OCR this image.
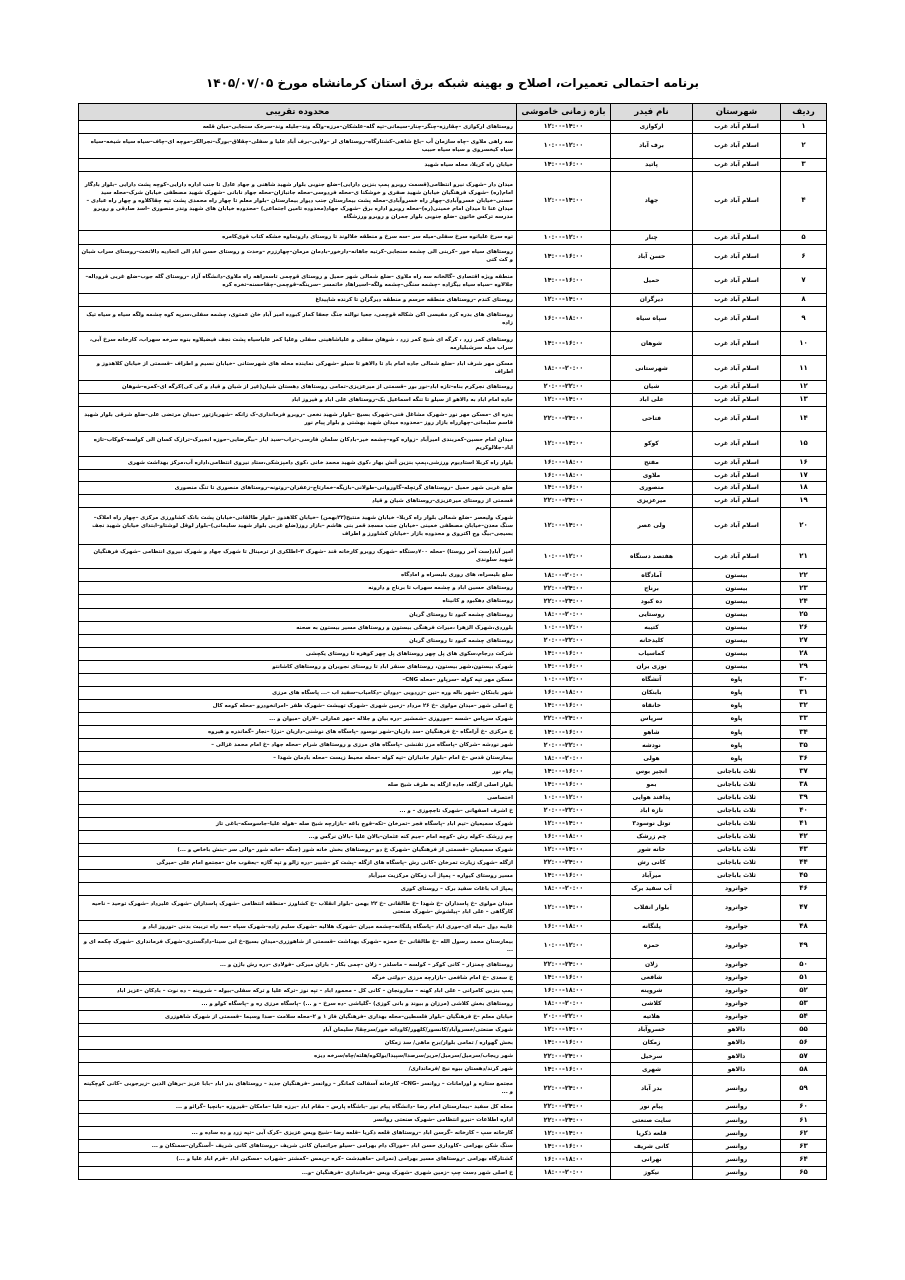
برنامه احتمالی تعمیرات، اصلاح و بهینه شبکه برق استان کرمانشاه مورخ ۱۴۰۵/۰۷/۰۵
ردیف	شهرستان	نام فیدر	بازه زمانی خاموشی	محدوده تقریبی
۱	اسلام آباد غرب	ارکوازی	۱۲:۰۰-۱۴:۰۰	روستاهای ارکوازی –چقارزه–چنگر–چنار–سیمانی–تپه گله–علشکان–مرزه–ولگه وند–جلیله وند–سرخک سنجابی–میان قلعه
۲	اسلام آباد غرب	برف آباد	۱۰:۰۰-۱۲:۰۰	سه راهی ملاوی –چاه سازمان آب –باغ شاهی–کشتارگاه–روستاهای لر –ولایی–برف آباد علیا و سفلی–چقلاق–بورگ–نجرالکر–موچه ای–چاف–سیاه سیاه شیخه–سیاه سیاه کیخسروی و سیاه سیاه حبیب
۳	اسلام آباد غرب	پاتید	۱۴:۰۰-۱۶:۰۰	خیابان راه کربلا، محله سیاه شهید
۴	اسلام آباد غرب	جهاد	۱۲:۰۰-۱۴:۰۰	میدان دار –شهرک نیرو انتظامی(قسمت روبرو پمپ بنزین دارایی)–ضلع جنوبی بلوار شهید شاهنی و جهاد عادل تا جنب اداره دارایی–کوچه پشت دارایی –بلوار بادگار امام(ره) –شهرک فرهنگیان خیابان شهید صفری و خوشکنا ی–محله فردوسی–محله جانبازان–محله جهاد نابانی –شهرک شهید مصطفی خیابان شرک–محله سید حسنی–خیابان خسروآبادی–چهار راه خسروآبادی–محله پشت بیمارستان جنب دیوار بیمارستان –بلوار معلم تا چهار راه محمدی پشت تپه چقاکلاوه و چهار راه عبادی –میدان عنا تا میدان امام خمینی(ره)–محله روبرو اداره برق –شهرک جهاد(محدوده تامین اجتماعی) –محدوده خیابان های شهید وندر منصوری –اسد صادقی و روبرو مدرسه ترکس خاتون –ضلع جنوبی بلوار جمران و روبرو ورزشگاه
۵	اسلام آباد غرب	چنار	۱۰:۰۰-۱۲:۰۰	توه سرخ علیاتوه سرخ سفلی–میله سر –سه سرخ و منطقه خلالوند تا روستای داروتماوه خشکه کتاب قوی‌کامره
۶	اسلام آباد غرب	حسن آباد	۱۴:۰۰-۱۶:۰۰	روستاهای سیاه خور –کربنی الی چشمه سنجابی–کرتیه جاهانه–دارخور–بادمان مرمان–چهارزرم –وحدت و روستای حسن اباد الی اتحادیه دالاتخت–روستای سراب شبان و کت کتی
۷	اسلام آباد غرب	حمیل	۱۴:۰۰-۱۶:۰۰	منطقه ویژه اقتصادی –گالخانه سه راه ملاوی –ضلع شمالی شهر حمیل و روستای قوچمی تاسه‌راهه راه ملاوی–دانشگاه آزاد –روستای گله جوب–ضلع غربی قروداله–جلالاوه –سیاه سیاه بیگزاده –چشمه سنگی–چشمه ولگه–اسیراهاد خاتمسر –سرینگه–قوچمی–چقاحسنه–تخره کره
۸	اسلام آباد غرب	دیرگران	۱۲:۰۰-۱۴:۰۰	روستای کندم –روستاهای منطقه حرسم و منطقه دیرگران تا کرنده شاپیداغ
۹	اسلام آباد غرب	سپاه سیاه	۱۶:۰۰-۱۸:۰۰	روستاهای های بدره کرد مفیسی اکن شکاله قوچمی، جعیا نوالنه جنگ جعفا کمار کبوده امیر آباد خان عمتوی، چشمه سفلی،سرپه کوه چشمه ولگه سیاه و سیاه تیک زاده
۱۰	اسلام آباد غرب	شوهان	۱۴:۰۰-۱۶:۰۰	روستاهای کمر زرد ، کرگه ای شیخ کمر زرد ، شوهان سفلی و علیاشاهینی سفلی وعلیا کمر علیاسیاه پشت نجف فیضیلاوه بنوه سرخه سهراب، کارخانه سرخ آبی، سراب میله سرشبلیارمه
۱۱	اسلام آباد غرب	شهرستانی	۱۸:۰۰-۲۰:۰۰	مسکن مهر شرف اباد –ضلع شمالی جاده امام باد تا دالاهو تا سیلو –شهرکی نماینده محله های شهرستانی –خیابان نسیم و اطراف –قسمتی از خیابان کلاهدوز و اطراف
۱۲	اسلام آباد غرب	شیان	۲۰:۰۰-۲۲:۰۰	روستاهای نجرکرم بناه–تازه اباد–نور بور –قسمتی از میرعزیزی–تمامی روستاهای دهستان شیان(غیر از شیان و قیاد و کی کی)کرگه ای–کمره–شوهان
۱۳	اسلام آباد غرب	علی اباد	۱۲:۰۰-۱۴:۰۰	جاده امام اباد به دالاهو از سیلو تا تنگه اسماعیل بک–روستاهای علی اباد و فیروز اباد
۱۴	اسلام آباد غرب	فتاحی	۲۲:۰۰-۲۴:۰۰	بدره ای –مسکن مهر نور –شهرک مشاغل فنی–شهرک بسیج –بلوار شهید نخعی –روبرو فرمانداری–ک زانکه –شهربازتور –میدان مرتضی علی–ضلع شرقی بلوار شهید قاسم سلیمانی–چهارراه بازار روز –محدوده میدان شهید بهشتی و بلوار پیام نور
۱۵	اسلام آباد غرب	کوکو	۱۲:۰۰-۱۴:۰۰	میدان امام حسین–کمربندی امیرآباد –زواره کوه–چشمه خیر–بادکان سلمان فارسی–تراب–سید ایاز –بیگرضایی–حوزه انجیرک–ترازک کسان الی کولسه–کوکاب–تازه اباد–جلالوکریم
۱۶	اسلام آباد غرب	مفتح	۱۶:۰۰-۱۸:۰۰	بلوار راه کربلا استادیوم ورزشی،پمپ بنزین آتش بهار ،کوی شهید محمد خانی ،کوی دامپزشکی،ستاد نیروی انتظامی،اداره آب،مرکز بهداشت شهری
۱۷	اسلام آباد غرب	ملاوی	۱۶:۰۰-۱۸:۰۰	
۱۸	اسلام آباد غرب	منصوری	۱۴:۰۰-۱۶:۰۰	ضلع غربی شهر حمیل –روستاهای گرتچله–گاوروانی–طولانی–بازیگه–خمارتاج–زعفران–روتونه–روستاهای منصوری تا تنگ منصوری
۱۹	اسلام آباد غرب	میرعزیزی	۲۲:۰۰-۲۴:۰۰	قسمتی از روستای میرعزیزی–روستاهای شیان و قیاد
۲۰	اسلام آباد غرب	ولی عصر	۱۲:۰۰-۱۴:۰۰	شهرک ولیعصر –ضلع شمالی بلوار راه کربلا– خیابان شهید منتیخ(۲۲بهمن) –خیابان کلاهدوز –بلوار طالقانی–خیابان پشت بانک کشاورزی مرکزی –چهار راه املاک–سنگ معدن–خیابان مصطفی خمینی –خیابان جنب مسجد قمر بنی هاشم –بازار روز(ضلع غربی بلوار شهید سلیمانی)–بلوار لوقل لوشتاو–ابتدای خیابان شهید نجف بسیجی–بیگ وچ اکتروی و محدوده بازار –خیابان کشاورز و اطراف
۲۱	اسلام آباد غرب	هفتصد دستگاه	۱۰:۰۰-۱۲:۰۰	امیر آباد(ست آخر روستا) –محله ۷۰۰دستگاه –شهرک روبرو کارخانه قند –شهرک ۳–اطلکری از ترمینال تا شهرک جهاد و شهرک نیروی انتظامی –شهرک فرهنگیان شهید سلوندی
۲۲	بیستون	آمادگاه	۱۸:۰۰-۲۰:۰۰	سلع بلیسراه، های روری بلیسراه و امادگاه
۲۳	بیستون	برناج	۲۲:۰۰-۲۴:۰۰	روستاهای حسین اباد و چشمه سهراب تا برناج و دارونه
۲۴	بیستون	ده کبود	۲۲:۰۰-۲۴:۰۰	روستاهای دهکبود و کانیناه
۲۵	بیستون	روستایی	۱۸:۰۰-۲۰:۰۰	روستاهای چشمه کبود تا روستای گربان
۲۶	بیستون	کتیبه	۱۰:۰۰-۱۲:۰۰	بلوردی،شهرک الزهرا ،میراث فرهنگی بیستون و روستاهای مسیر بیستون به صحنه
۲۷	بیستون	کلیدخانه	۲۰:۰۰-۲۲:۰۰	روستاهای چشمه کبود تا روستای گربان
۲۸	بیستون	کماسیاب	۱۴:۰۰-۱۶:۰۰	شرکت درجام،سکوی های پل چهر روستاهای پل چهر کوهره تا روستای یکچشی
۲۹	بیستون	نوزی یران	۱۴:۰۰-۱۶:۰۰	شهرک بیستون،شهر بیستون، روستاهای سنقر اباد تا روستای نجوبران و روستاهای کاشانتو
۳۰	پاوه	آتشگاه	۱۰:۰۰-۱۲:۰۰	مسکن مهر تپه کوله –سرپاور –محله CNG–
۳۱	پاوه	بابنکان	۱۶:۰۰-۱۸:۰۰	شهر بابنکان –شهر باله وره –نین –زردویی –دودان –دکامیاب–سفید اب –... پاسگاه های مرزی
۳۲	پاوه	خانقاه	۱۴:۰۰-۱۶:۰۰	خ اصلی شهر –میدان مولوی –خ ۲۶ مرداد –زمین شهری –شهرک تهیشت –شهرک ظفر –امرانخودرو –محله کومه کال
۳۳	پاوه	سرپاس	۲۲:۰۰-۲۴:۰۰	شهرک سرپاس –شسه –جوروزی –شمشیر –دره بیان و جلاله –مهر عمارلی –لاران –میوان و ...
۳۴	پاوه	شاهو	۱۴:۰۰-۱۶:۰۰	خ مرکزی –خ آرامگاه –خ فرهنگیان –سد داریان–شهر نوسود –پاسگاه های نوشنی–داریان –نرژا –نجار –گماندره و هیروه
۳۵	پاوه	نودشه	۲۰:۰۰-۲۲:۰۰	شهر نودشه –شرکان –پاسگاه مرز تقنشی –پاسگاه های مرزی و روستاهای شرام –محله جهاد –خ امام محمد غزالی –
۳۶	پاوه	هولی	۱۸:۰۰-۲۰:۰۰	بیمارستان قدس –خ امام –بلوار جانبازان –تپه کوله –محله محیط زیست –محله بادمان شهدا –
۳۷	ثلاث باباجانی	انجیر بوس	۱۴:۰۰-۱۶:۰۰	پیام نور
۳۸	ثلاث باباجانی	بمو	۱۴:۰۰-۱۶:۰۰	بلوار اصلی ازگله، جاده ازگله به طرف شیخ صله
۳۹	ثلاث باباجانی	پدافند هوایی	۱۰:۰۰-۱۲:۰۰	اختصاصی
۴۰	ثلاث باباجانی	تازه اباد	۲۰:۰۰-۲۲:۰۰	خ اشرف اصفهانی –شهرک تاجچوزی – و ...
۴۱	ثلاث باباجانی	توتل نوسود۳	۱۲:۰۰-۱۴:۰۰	شهرک سمیعیان –تیم اباد –پاسگاه فجر –تمرخان –تکه–قوچ باغه –بازارچه شیخ صله –هوله علیا–جاسوسکه–باغی تاز
۴۲	ثلاث باباجانی	چم زرشک	۱۶:۰۰-۱۸:۰۰	چم زرشک –کوله رش –کوچه امام –جیم کنه عثمان–بالان علیا –بالان نرگس و...
۴۳	ثلاث باباجانی	خانه شور	۱۲:۰۰-۱۴:۰۰	شهرک سمیعیان –قسمتی از فرهنگیان –شهرک خ دو –روستاهای بخش خانه شور (جنگه –خانه شور –والی سر –بنش باخاص و ...)
۴۴	ثلاث باباجانی	کانی رش	۲۲:۰۰-۲۴:۰۰	ازگله –شهرک زیارت تمرخان –کانی رش –پاسگاه های ازگله –پشت کو –شییر –دره زالو و تپه گازه –یعقوب جان –مجتمع امام علی –میرگی
۴۵	ثلاث باباجانی	میرآباد	۱۴:۰۰-۱۶:۰۰	مسیر روستای کیواره – پمپاژ آب زمکان مرکزیت میرآباد
۴۶	جوانرود	آب سفید برک	۱۸:۰۰-۲۰:۰۰	پمپاژ اب باغات سفید برک – روستای کوری
۴۷	جوانرود	بلوار انقلاب	۱۲:۰۰-۱۴:۰۰	میدان مولوی –خ پاسداران –خ شهدا –خ طالقانی –خ ۲۲ بهمن –بلوار انقلاب –خ کشاورز –منطقه انتظامی –شهرک پاسداران –شهرک علیرداد –شهرک توحید – ناحیه کارگاهی – علی اباد –پیلشوش –شهرک صنعتی
۴۸	جوانرود	پلنگانه	۱۶:۰۰-۱۸:۰۰	غایبه دول –بیله ای–جوری اباد –پاسگاه پلنگانه–چشمه میران –شهرک هلالیه –شهرک سلیم زاده–شهرک سپاه –سه راه تربیت بدنی –توروز اباد و
۴۹	جوانرود	حمزه	۱۰:۰۰-۱۲:۰۰	بیمارستان محمد رسول الله –خ طالقانی –خ حمزه –شهرک بهداشت –قسمتی از شاهوزری–میدان بسیج–خ ابن سینا–دادگستری–شهرک فرمانداری –شهرک چکمه ای و ...
۵۰	جوانرود	زلان	۲۲:۰۰-۲۴:۰۰	روستاهای چمنزار – کانی کوکر – کولسه – ماسلدر – زلان –چمی بکار – باران میرکی –فولادی –دره رش باژن و ...
۵۱	جوانرود	شافعی	۱۴:۰۰-۱۶:۰۰	خ سعدی –خ امام شافعی –بازارچه مرزی –دولتی خرگه
۵۲	جوانرود	شروینه	۱۶:۰۰-۱۸:۰۰	پمپ بنزین کامرانی – علی اباد کهنه – سارونجان – کانی کل – محمود اباد – تپه نوز –ترکه علیا و ترکه سفلی–بیوله – شروینه – ده نوت – بادکان –عزیز اباد
۵۳	جوانرود	کلاشی	۱۸:۰۰-۲۰:۰۰	روستاهای بخش کلاشی (مرزان و بیوند و بانی کوزی) –گلیاشی –ده سرخ – و ...) –پاسگاه مرزی ره و –پاسگاه کولو و ...
۵۴	جوانرود	هلاتیه	۲۰:۰۰-۲۲:۰۰	خیابان معلم –خ فرهنگیان –بلوار فلسطین–محله بهداری –فرهنگیان فاز ۱ و ۲–محله سلامت –صدا وسیما –قسمتی از شهرک شاهوزری
۵۵	دالاهو	خسروآباد	۱۲:۰۰-۱۴:۰۰	شهرک صنعتی/خسروآباد/کانسور/کلهور/کاوداته خور/سرچقا/ سلیمان آباد
۵۶	دالاهو	زمکان	۱۴:۰۰-۱۶:۰۰	بخش گهواره / تمامی بلوار/برج ماهی/ سد زمکان
۵۷	دالاهو	سرخیل	۲۲:۰۰-۲۴:۰۰	شهر ریجاب/سرمیل/سرمیل/حریر/سرصدا/سپیدا/بولکوه/هلته/چاه/سرخه دیزه
۵۸	دالاهو	شهری	۱۴:۰۰-۱۶:۰۰	شهر کرند/دهستان بیوه نیخ /فرمانداری/
۵۹	روانسر	بدر آباد	۲۲:۰۰-۲۴:۰۰	مجتمع ستاره و اورامانات – روانسر –CNG– کارخانه آسفالت کمانگر – روانسر –فرهنگیان جدید – روستاهای بدر اباد –بابا عزیز –برهان الدین –زیرجوبی –کانی کوچکینه و ...
۶۰	روانسر	پیام نور	۲۲:۰۰-۲۴:۰۰	محله کل سفید –بیمارستان امام رضا –دانشگاه پیام نور –باشگاه پارس – مقام اباد –برزه علیا –مامکان –قیروزه –بانچیا –گرائو و ...
۶۱	روانسر	سایت صنعتی	۲۲:۰۰-۲۴:۰۰	اداره اطلاعات –نیرو انتظامی –شهرک صنعتی روانسر
۶۲	روانسر	قلعه ذکریا	۱۲:۰۰-۱۴:۰۰	کارخانه سپ – کارخانه –گرسن اباد –روستاهای قلعه ذکریا –قلعه رضا –شیخ ویس عزیزی –کرک آبی –تپه زرد و ده ساده و ...
۶۳	روانسر	کانی شریف	۱۴:۰۰-۱۶:۰۰	سنگ شکن بهرامی –کاوداری حسن اباد –خوراک دام بهرامی –سیلو جراتمیان کانی شریف –روستاهای کانی شریف –آسنگران–سمنکان و ...
۶۴	روانسر	نهرانی	۱۶:۰۰-۱۸:۰۰	کشتارگاه بهرامی –روستاهای مسیر بهرامی (نمرانی –ماهیدشت –کره –ریمس –کمشتر –شهراب –مسکین اباد –قرم اباد علیا و ...)
۶۵	روانسر	نیکوز	۱۸:۰۰-۲۰:۰۰	خ اصلی شهر دست چپ –زمین شهری –شهرک ویس –فرمانداری –فرهنگیان –و...
